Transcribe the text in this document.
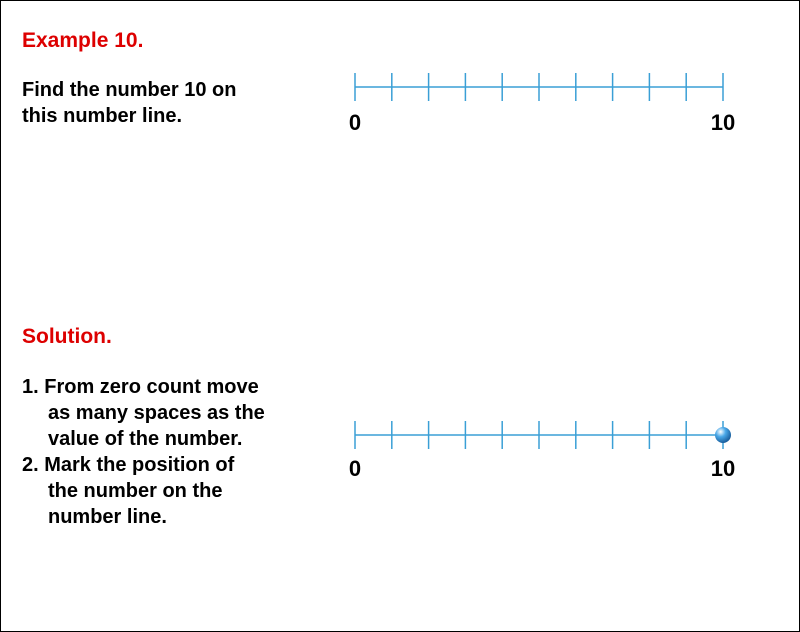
Example 10.

Find the number 10 on
this number line.	0	10
Solution.
1. From zero count move
as many spaces as the
value of the number.
2. Mark the position of
the number on the
number line.
0	10
